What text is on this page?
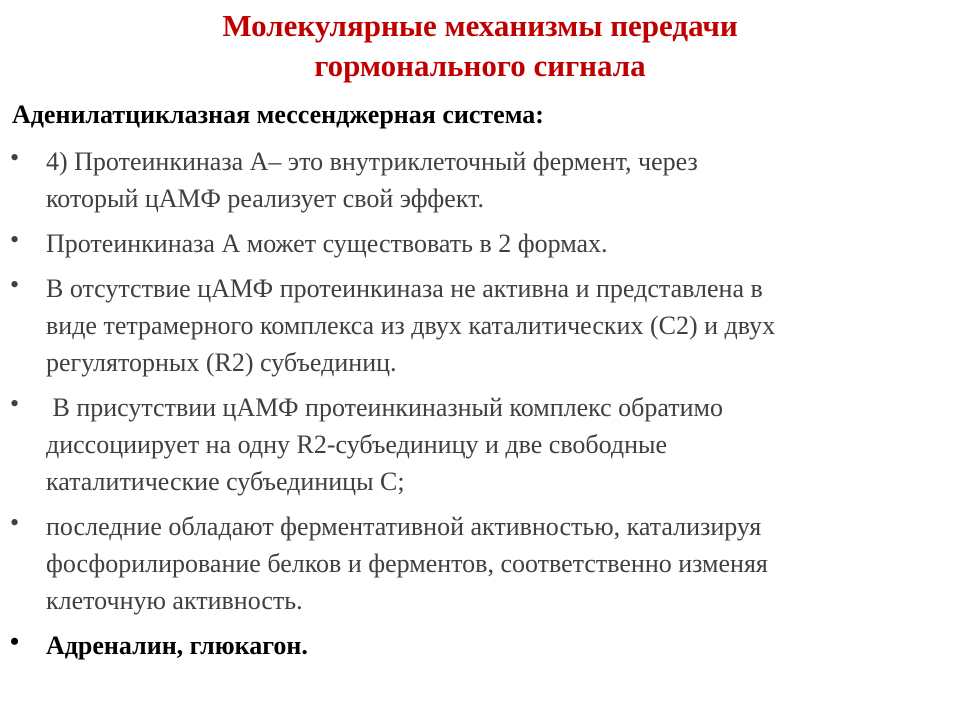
Молекулярные механизмы передачи
гормонального сигнала

Аденилатциклазная мессенджерная система:

• 4) Протеинкиназа А– это внутриклеточный фермент, через
который цАМФ реализует свой эффект.
• Протеинкиназа А может существовать в 2 формах.
• В отсутствие цАМФ протеинкиназа не активна и представлена в
виде тетрамерного комплекса из двух каталитических (С2) и двух
регуляторных (R2) субъединиц.
• В присутствии цАМФ протеинкиназный комплекс обратимо
диссоциирует на одну R2-субъединицу и две свободные
каталитические субъединицы С;
• последние обладают ферментативной активностью, катализируя
фосфорилирование белков и ферментов, соответственно изменяя
клеточную активность.
• Адреналин, глюкагон.
